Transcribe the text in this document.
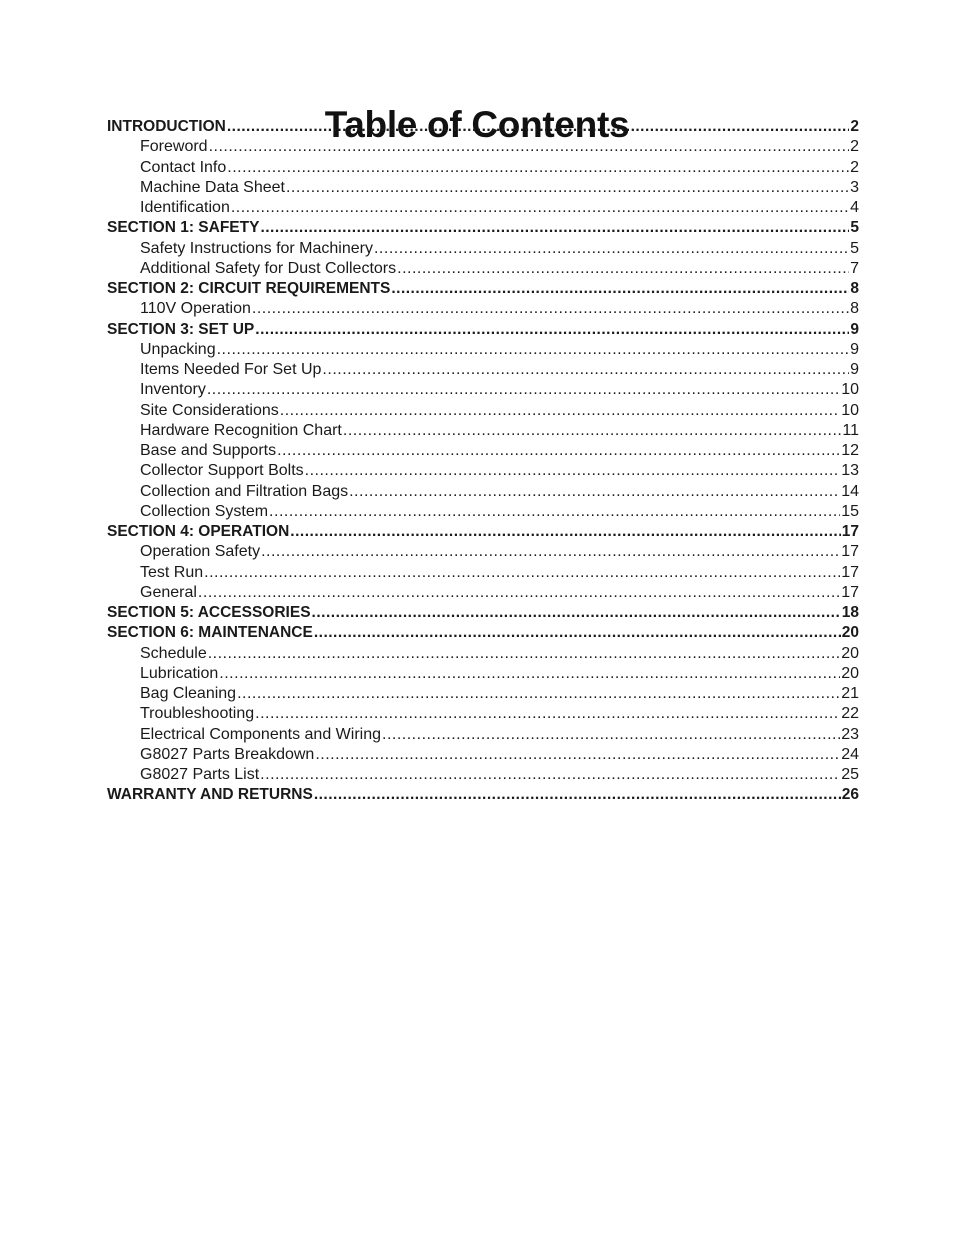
Table of Contents
INTRODUCTION .....	2
Foreword .....	2
Contact Info .....	2
Machine Data Sheet .....	3
Identification .....	4
SECTION 1: SAFETY .....	5
Safety Instructions for Machinery .....	5
Additional Safety for Dust Collectors .....	7
SECTION 2: CIRCUIT REQUIREMENTS .....	8
110V Operation .....	8
SECTION 3: SET UP .....	9
Unpacking .....	9
Items Needed For Set Up .....	9
Inventory .....	10
Site Considerations .....	10
Hardware Recognition Chart .....	11
Base and Supports .....	12
Collector Support Bolts .....	13
Collection and Filtration Bags .....	14
Collection System .....	15
SECTION 4: OPERATION .....	17
Operation Safety .....	17
Test Run .....	17
General .....	17
SECTION 5: ACCESSORIES .....	18
SECTION 6: MAINTENANCE .....	20
Schedule .....	20
Lubrication .....	20
Bag Cleaning .....	21
Troubleshooting .....	22
Electrical Components and Wiring .....	23
G8027 Parts Breakdown .....	24
G8027 Parts List .....	25
WARRANTY AND RETURNS .....	26
